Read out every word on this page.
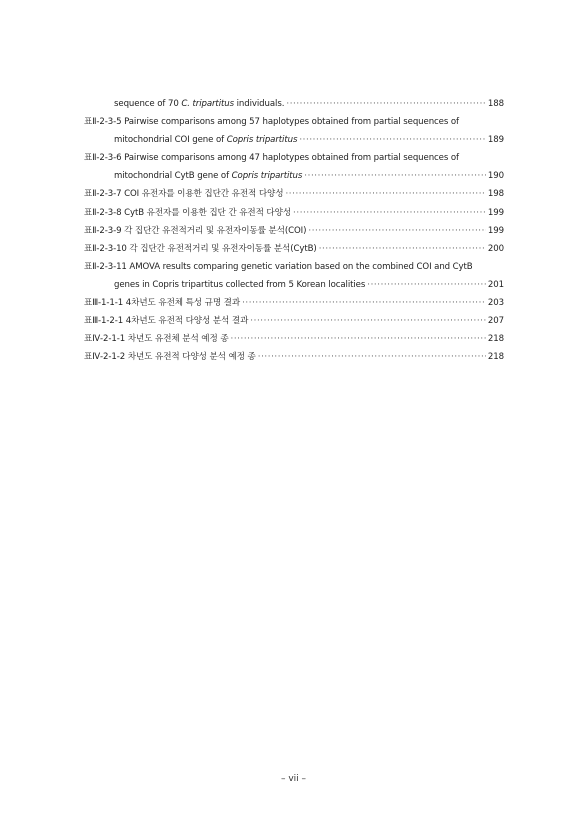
sequence of 70 C. tripartitus individuals. ·····	188
표Ⅱ-2-3-5 Pairwise comparisons among 57 haplotypes obtained from partial sequences of
mitochondrial COI gene of Copris tripartitus ·····	189
표Ⅱ-2-3-6 Pairwise comparisons among 47 haplotypes obtained from partial sequences of
mitochondrial CytB gene of Copris tripartitus ·····	190
표Ⅱ-2-3-7 COI 유전자를 이용한 집단간 유전적 다양성 ·····	198
표Ⅱ-2-3-8 CytB 유전자를 이용한 집단 간 유전적 다양성 ·····	199
표Ⅱ-2-3-9 각 집단간 유전적거리 및 유전자이동률 분석(COI) ·····	199
표Ⅱ-2-3-10 각 집단간 유전적거리 및 유전자이동률 분석(CytB) ·····	200
표Ⅱ-2-3-11 AMOVA results comparing genetic variation based on the combined COI and CytB
genes in Copris tripartitus collected from 5 Korean localities ·····	201
표Ⅲ-1-1-1 4차년도 유전체 특성 규명 결과 ·····	203
표Ⅲ-1-2-1 4차년도 유전적 다양성 분석 결과 ·····	207
표Ⅳ-2-1-1 차년도 유전체 분석 예정 종 ·····	218
표Ⅳ-2-1-2 차년도 유전적 다양성 분석 예정 종 ·····	218
– vii –
